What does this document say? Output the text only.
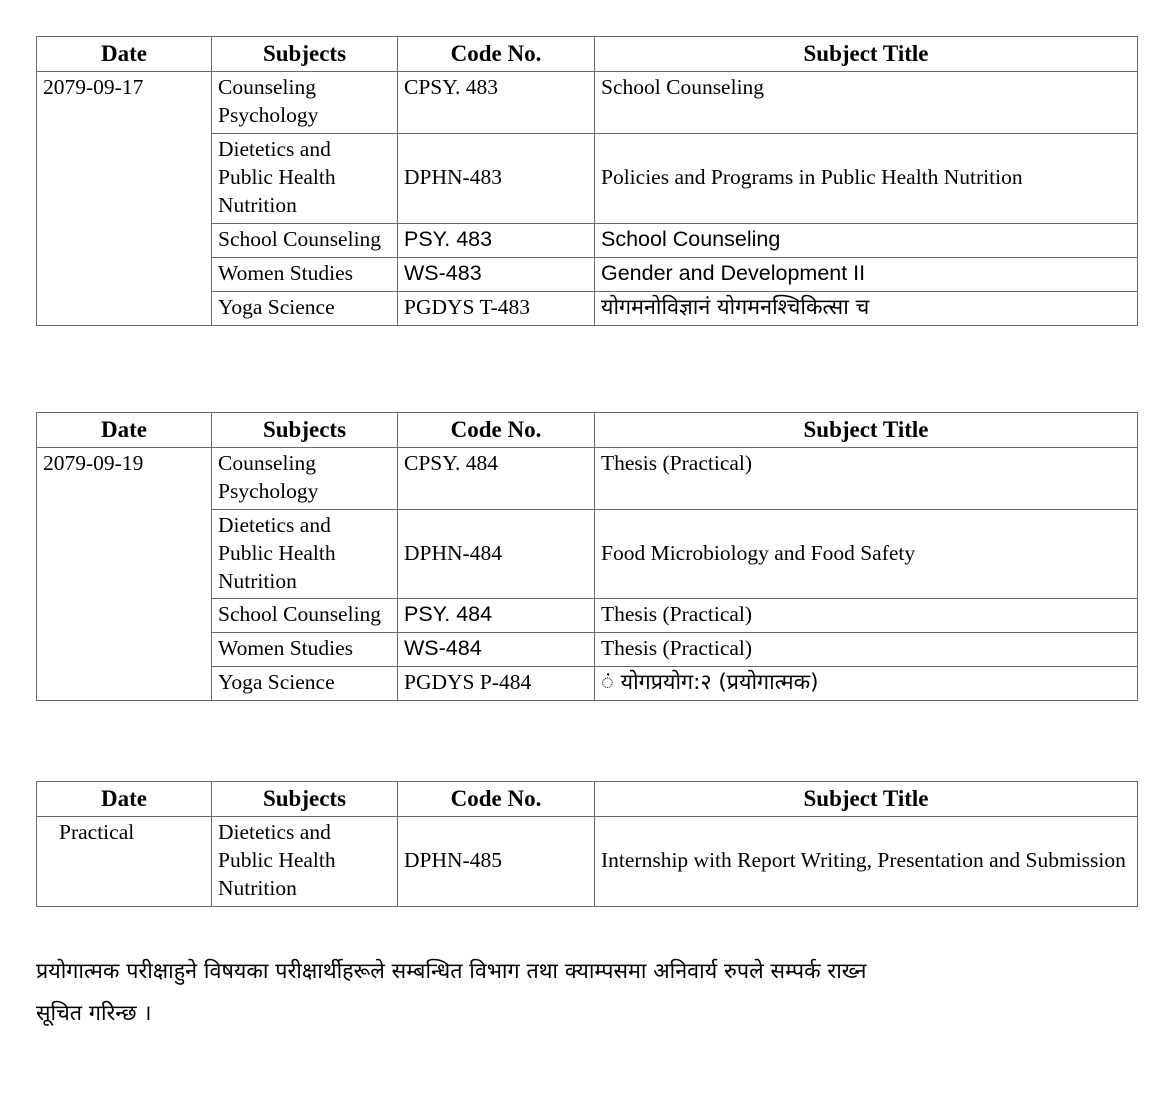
Date	Subjects	Code No.	Subject Title
2079-09-17	Counseling Psychology	CPSY. 483	School Counseling
	Dietetics and Public Health Nutrition	DPHN-483	Policies and Programs in Public Health Nutrition
	School Counseling	PSY. 483	School Counseling
	Women Studies	WS-483	Gender and Development II
	Yoga Science	PGDYS T-483	योगमनोविज्ञानं योगमनश्चिकित्सा च
Date	Subjects	Code No.	Subject Title
2079-09-19	Counseling Psychology	CPSY. 484	Thesis (Practical)
	Dietetics and Public Health Nutrition	DPHN-484	Food Microbiology and Food Safety
	School Counseling	PSY. 484	Thesis (Practical)
	Women Studies	WS-484	Thesis (Practical)
	Yoga Science	PGDYS P-484	ं योगप्रयोग:२ (प्रयोगात्मक)
Date	Subjects	Code No.	Subject Title
Practical	Dietetics and Public Health Nutrition	DPHN-485	Internship with Report Writing, Presentation and Submission
प्रयोगात्मक परीक्षाहुने विषयका परीक्षार्थीहरूले सम्बन्धित विभाग तथा क्याम्पसमा अनिवार्य रुपले सम्पर्क राख्न
सूचित गरिन्छ ।
